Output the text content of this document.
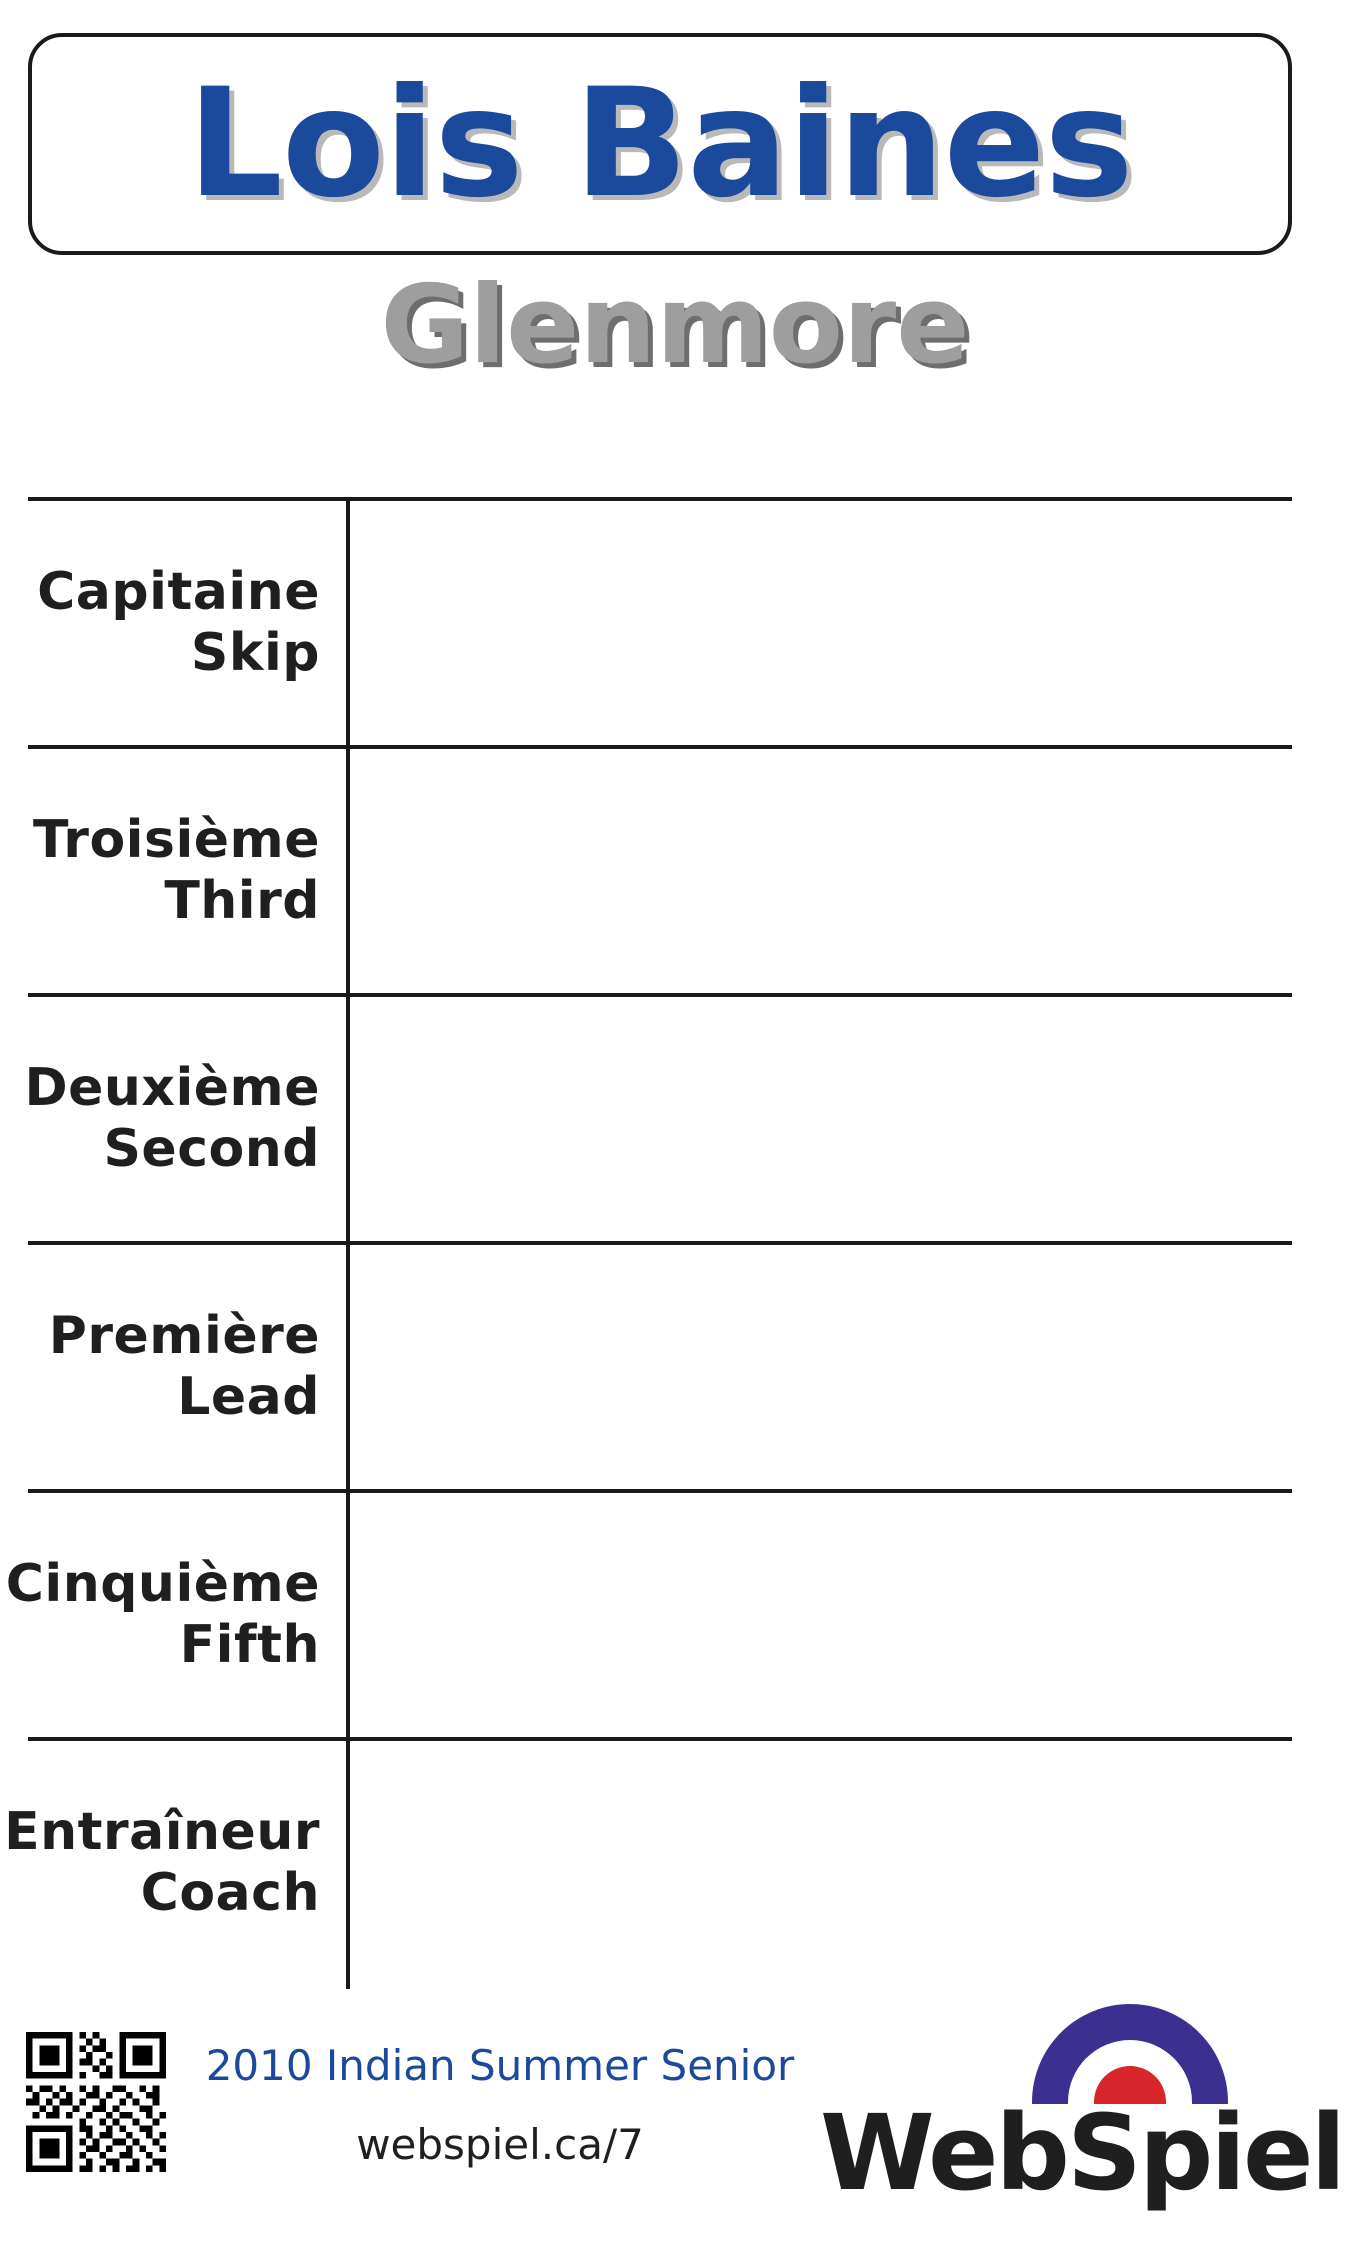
Lois Baines
Glenmore
Capitaine
Skip
Troisième
Third
Deuxième
Second
Première
Lead
Cinquième
Fifth
Entraîneur
Coach
2010 Indian Summer Senior
webspiel.ca/7	WebSpiel
